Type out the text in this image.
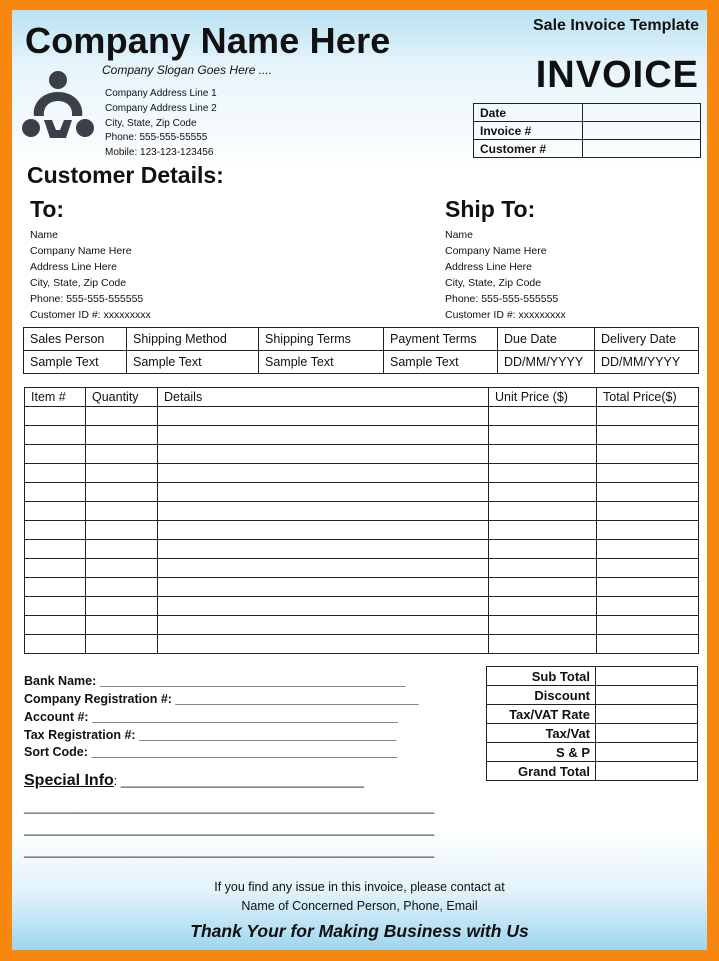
Company Name Here	Sale Invoice Template
INVOICE
Company Slogan Goes Here ....
Company Address Line 1
Company Address Line 2
City, State, Zip Code
Phone: 555-555-55555
Mobile: 123-123-123456
Date	
Invoice #	
Customer #	
Customer Details:
To:	Ship To:
Name
Company Name Here
Address Line Here
City, State, Zip Code
Phone: 555-555-555555
Customer ID #: xxxxxxxxx
Name
Company Name Here
Address Line Here
City, State, Zip Code
Phone: 555-555-555555
Customer ID #: xxxxxxxxx
Sales Person	Shipping Method	Shipping Terms	Payment Terms	Due Date	Delivery Date
Sample Text	Sample Text	Sample Text	Sample Text	DD/MM/YYYY	DD/MM/YYYY
Item #	Quantity	Details	Unit Price ($)	Total Price($)

Bank Name: ____________________________________________
Company Registration #: ___________________________________
Account #: ____________________________________________
Tax Registration #: _____________________________________
Sort Code: ____________________________________________
Special Info: ___________________________________
___________________________________________________________
___________________________________________________________
___________________________________________________________
Sub Total	
Discount	
Tax/VAT Rate	
Tax/Vat	
S & P	
Grand Total	
If you find any issue in this invoice, please contact at
Name of Concerned Person, Phone, Email
Thank Your for Making Business with Us
